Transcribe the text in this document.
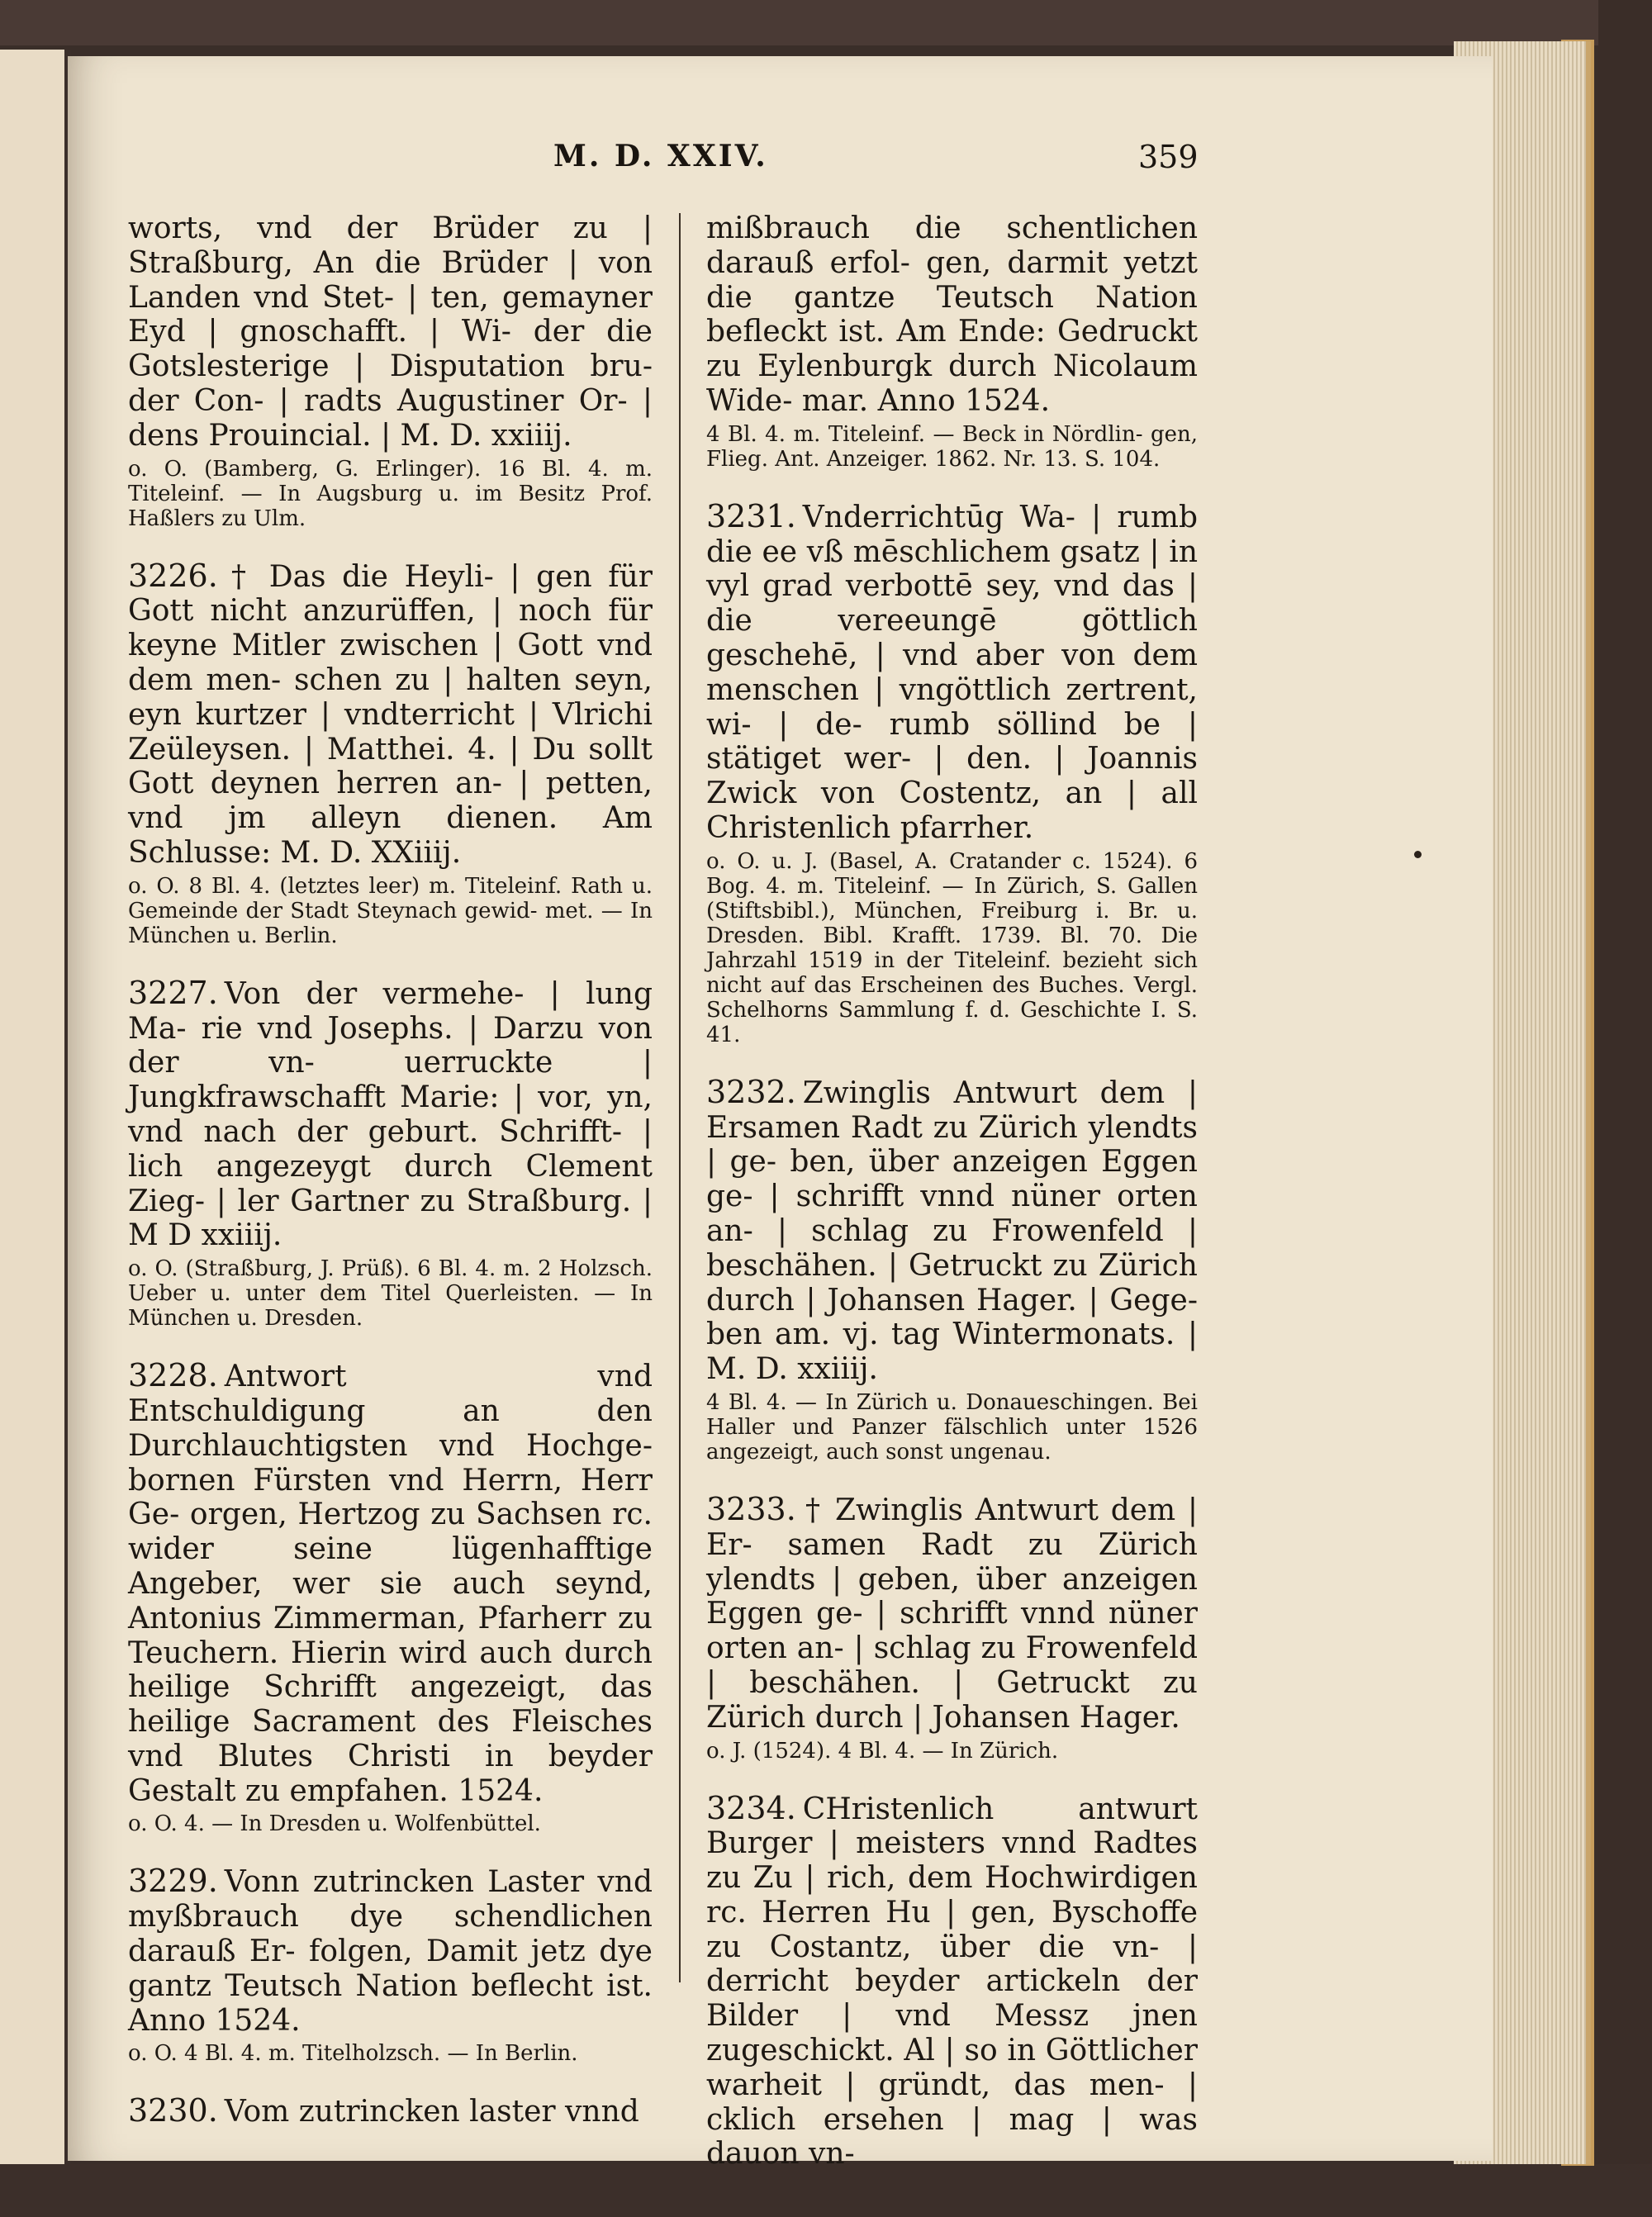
M. D. XXIV.	359

worts, vnd der Brüder zu | Straßburg, An die Brüder | von Landen vnd Stet- | ten, gemayner Eyd | gnoschafft. | Wi- der die Gotslesterige | Disputation bru- der Con- | radts Augustiner Or- | dens Prouincial. | M. D. xxiiij.

o. O. (Bamberg, G. Erlinger). 16 Bl. 4. m. Titeleinf. — In Augsburg u. im Besitz Prof. Haßlers zu Ulm.

3226. † Das die Heyli- | gen für Gott nicht anzurüffen, | noch für keyne Mitler zwischen | Gott vnd dem men- schen zu | halten seyn, eyn kurtzer | vndterricht | Vlrichi Zeüleysen. | Matthei. 4. | Du sollt Gott deynen herren an- | petten, vnd jm alleyn dienen. Am Schlusse: M. D. XXiiij.

o. O. 8 Bl. 4. (letztes leer) m. Titeleinf. Rath u. Gemeinde der Stadt Steynach gewid- met. — In München u. Berlin.

3227. Von der vermehe- | lung Ma- rie vnd Josephs. | Darzu von der vn- uerruckte | Jungkfrawschafft Marie: | vor, yn, vnd nach der geburt. Schrifft- | lich angezeygt durch Clement Zieg- | ler Gartner zu Straßburg. | M D xxiiij.

o. O. (Straßburg, J. Prüß). 6 Bl. 4. m. 2 Holzsch. Ueber u. unter dem Titel Querleisten. — In München u. Dresden.

3228. Antwort vnd Entschuldigung an den Durchlauchtigsten vnd Hochge- bornen Fürsten vnd Herrn, Herr Ge- orgen, Hertzog zu Sachsen rc. wider seine lügenhafftige Angeber, wer sie auch seynd, Antonius Zimmerman, Pfarherr zu Teuchern. Hierin wird auch durch heilige Schrifft angezeigt, das heilige Sacrament des Fleisches vnd Blutes Christi in beyder Gestalt zu empfahen. 1524.

o. O. 4. — In Dresden u. Wolfenbüttel.

3229. Vonn zutrincken Laster vnd myßbrauch dye schendlichen darauß Er- folgen, Damit jetz dye gantz Teutsch Nation beflecht ist. Anno 1524.

o. O. 4 Bl. 4. m. Titelholzsch. — In Berlin.

3230. Vom zutrincken laster vnnd

mißbrauch die schentlichen darauß erfol- gen, darmit yetzt die gantze Teutsch Nation befleckt ist. Am Ende: Gedruckt zu Eylenburgk durch Nicolaum Wide- mar. Anno 1524.

4 Bl. 4. m. Titeleinf. — Beck in Nördlin- gen, Flieg. Ant. Anzeiger. 1862. Nr. 13. S. 104.

3231. Vnderrichtūg Wa- | rumb die ee vß mēschlichem gsatz | in vyl grad verbottē sey, vnd das | die vereeungē göttlich geschehē, | vnd aber von dem menschen | vngöttlich zertrent, wi- | de- rumb söllind be | stätiget wer- | den. | Joannis Zwick von Costentz, an | all Christenlich pfarrher.

o. O. u. J. (Basel, A. Cratander c. 1524). 6 Bog. 4. m. Titeleinf. — In Zürich, S. Gallen (Stiftsbibl.), München, Freiburg i. Br. u. Dresden. Bibl. Krafft. 1739. Bl. 70. Die Jahrzahl 1519 in der Titeleinf. bezieht sich nicht auf das Erscheinen des Buches. Vergl. Schelhorns Sammlung f. d. Geschichte I. S. 41.

3232. Zwinglis Antwurt dem | Ersamen Radt zu Zürich ylendts | ge- ben, über anzeigen Eggen ge- | schrifft vnnd nüner orten an- | schlag zu Frowenfeld | beschähen. | Getruckt zu Zürich durch | Johansen Hager. | Gege- ben am. vj. tag Wintermonats. | M. D. xxiiij.

4 Bl. 4. — In Zürich u. Donaueschingen. Bei Haller und Panzer fälschlich unter 1526 angezeigt, auch sonst ungenau.

3233. † Zwinglis Antwurt dem | Er- samen Radt zu Zürich ylendts | geben, über anzeigen Eggen ge- | schrifft vnnd nüner orten an- | schlag zu Frowenfeld | beschähen. | Getruckt zu Zürich durch | Johansen Hager.

o. J. (1524). 4 Bl. 4. — In Zürich.

3234. CHristenlich antwurt Burger | meisters vnnd Radtes zu Zu | rich, dem Hochwirdigen rc. Herren Hu | gen, Byschoffe zu Costantz, über die vn- | derricht beyder artickeln der Bilder | vnd Messz jnen zugeschickt. Al | so in Göttlicher warheit | gründt, das men- | cklich ersehen | mag | was dauon vn-
